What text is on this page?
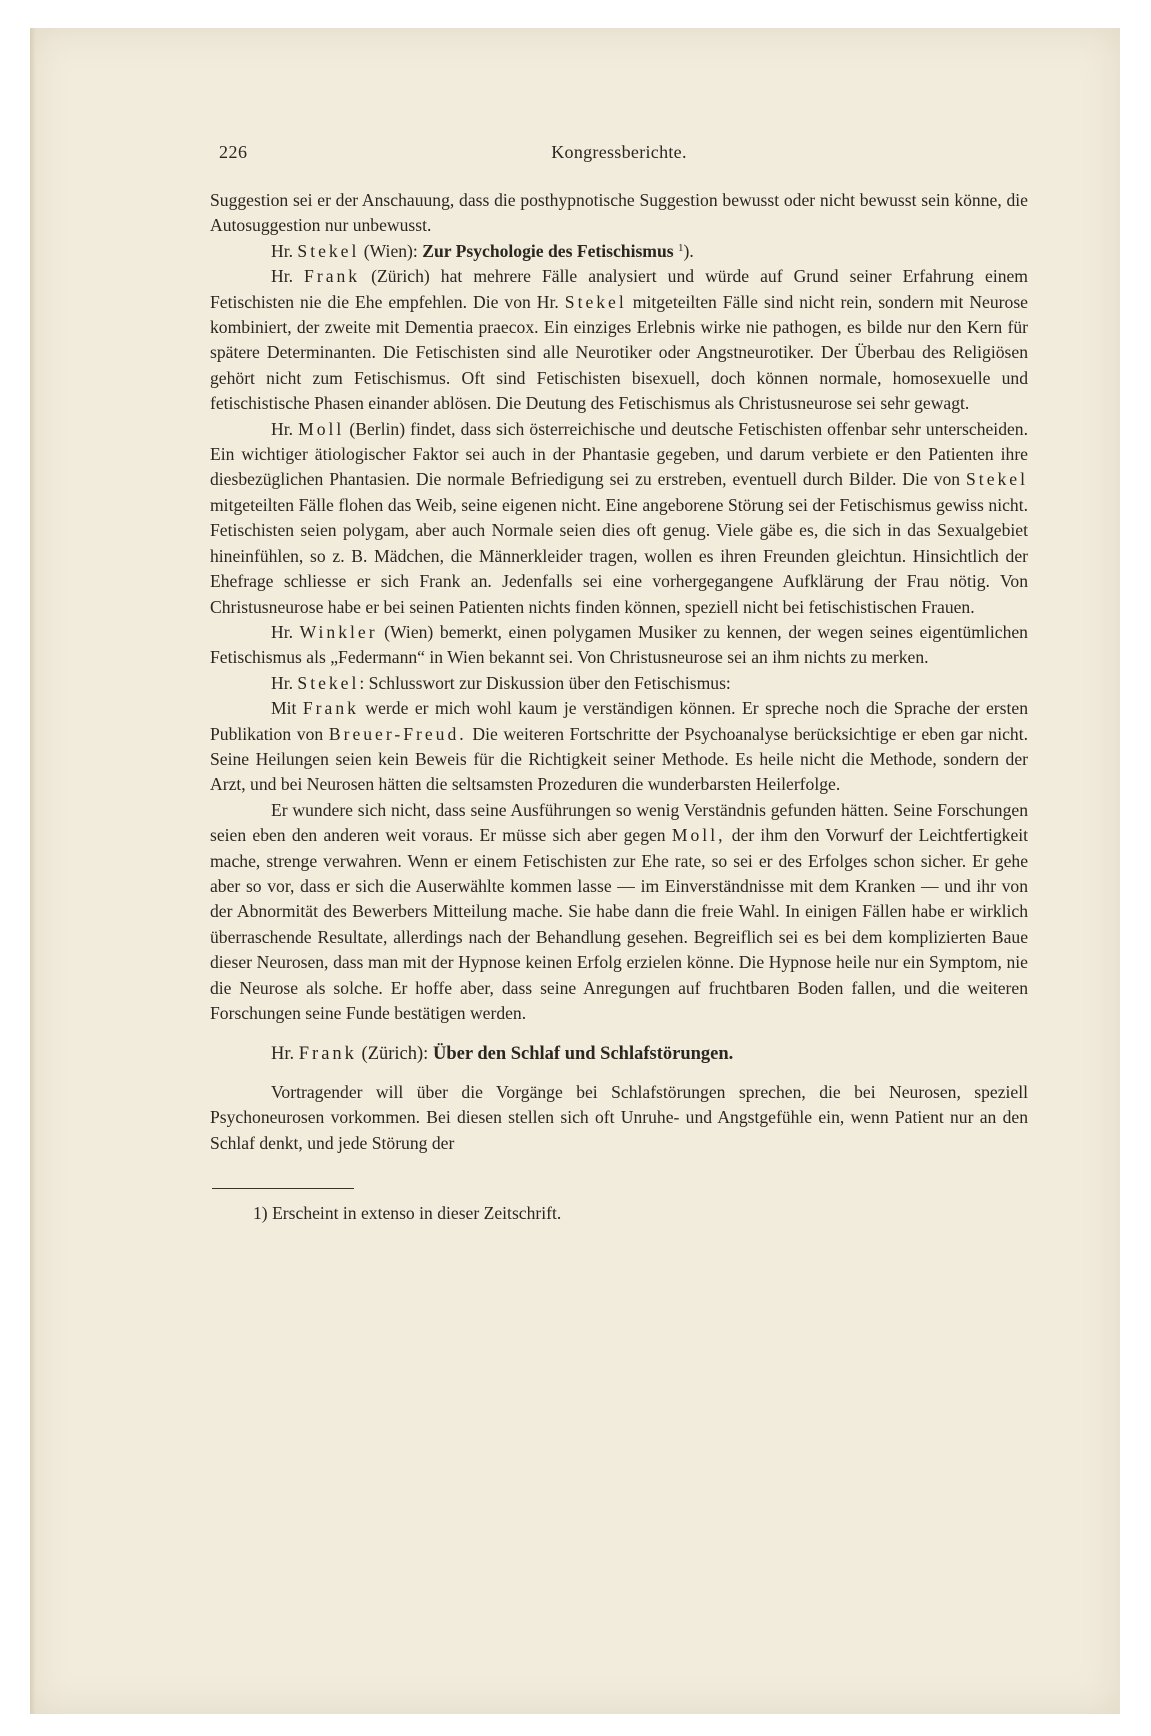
226	Kongressberichte.

Suggestion sei er der Anschauung, dass die posthypnotische Suggestion bewusst oder nicht bewusst sein könne, die Autosuggestion nur unbewusst.

Hr. Stekel (Wien): Zur Psychologie des Fetischismus $^1$).

Hr. Frank (Zürich) hat mehrere Fälle analysiert und würde auf Grund seiner Erfahrung einem Fetischisten nie die Ehe empfehlen. Die von Hr. Stekel mitgeteilten Fälle sind nicht rein, sondern mit Neurose kombiniert, der zweite mit Dementia praecox. Ein einziges Erlebnis wirke nie pathogen, es bilde nur den Kern für spätere Determinanten. Die Fetischisten sind alle Neurotiker oder Angstneurotiker. Der Überbau des Religiösen gehört nicht zum Fetischismus. Oft sind Fetischisten bisexuell, doch können normale, homosexuelle und fetischistische Phasen einander ablösen. Die Deutung des Fetischismus als Christusneurose sei sehr gewagt.

Hr. Moll (Berlin) findet, dass sich österreichische und deutsche Fetischisten offenbar sehr unterscheiden. Ein wichtiger ätiologischer Faktor sei auch in der Phantasie gegeben, und darum verbiete er den Patienten ihre diesbezüglichen Phantasien. Die normale Befriedigung sei zu erstreben, eventuell durch Bilder. Die von Stekel mitgeteilten Fälle flohen das Weib, seine eigenen nicht. Eine angeborene Störung sei der Fetischismus gewiss nicht. Fetischisten seien polygam, aber auch Normale seien dies oft genug. Viele gäbe es, die sich in das Sexualgebiet hineinfühlen, so z. B. Mädchen, die Männerkleider tragen, wollen es ihren Freunden gleichtun. Hinsichtlich der Ehefrage schliesse er sich Frank an. Jedenfalls sei eine vorhergegangene Aufklärung der Frau nötig. Von Christusneurose habe er bei seinen Patienten nichts finden können, speziell nicht bei fetischistischen Frauen.

Hr. Winkler (Wien) bemerkt, einen polygamen Musiker zu kennen, der wegen seines eigentümlichen Fetischismus als „Federmann“ in Wien bekannt sei. Von Christusneurose sei an ihm nichts zu merken.

Hr. Stekel: Schlusswort zur Diskussion über den Fetischismus:

Mit Frank werde er mich wohl kaum je verständigen können. Er spreche noch die Sprache der ersten Publikation von Breuer-Freud. Die weiteren Fortschritte der Psychoanalyse berücksichtige er eben gar nicht. Seine Heilungen seien kein Beweis für die Richtigkeit seiner Methode. Es heile nicht die Methode, sondern der Arzt, und bei Neurosen hätten die seltsamsten Prozeduren die wunderbarsten Heilerfolge.

Er wundere sich nicht, dass seine Ausführungen so wenig Verständnis gefunden hätten. Seine Forschungen seien eben den anderen weit voraus. Er müsse sich aber gegen Moll, der ihm den Vorwurf der Leichtfertigkeit mache, strenge verwahren. Wenn er einem Fetischisten zur Ehe rate, so sei er des Erfolges schon sicher. Er gehe aber so vor, dass er sich die Auserwählte kommen lasse — im Einverständnisse mit dem Kranken — und ihr von der Abnormität des Bewerbers Mitteilung mache. Sie habe dann die freie Wahl. In einigen Fällen habe er wirklich überraschende Resultate, allerdings nach der Behandlung gesehen. Begreiflich sei es bei dem komplizierten Baue dieser Neurosen, dass man mit der Hypnose keinen Erfolg erzielen könne. Die Hypnose heile nur ein Symptom, nie die Neurose als solche. Er hoffe aber, dass seine Anregungen auf fruchtbaren Boden fallen, und die weiteren Forschungen seine Funde bestätigen werden.

Hr. Frank (Zürich): Über den Schlaf und Schlafstörungen.

Vortragender will über die Vorgänge bei Schlafstörungen sprechen, die bei Neurosen, speziell Psychoneurosen vorkommen. Bei diesen stellen sich oft Unruhe- und Angstgefühle ein, wenn Patient nur an den Schlaf denkt, und jede Störung der

1) Erscheint in extenso in dieser Zeitschrift.
